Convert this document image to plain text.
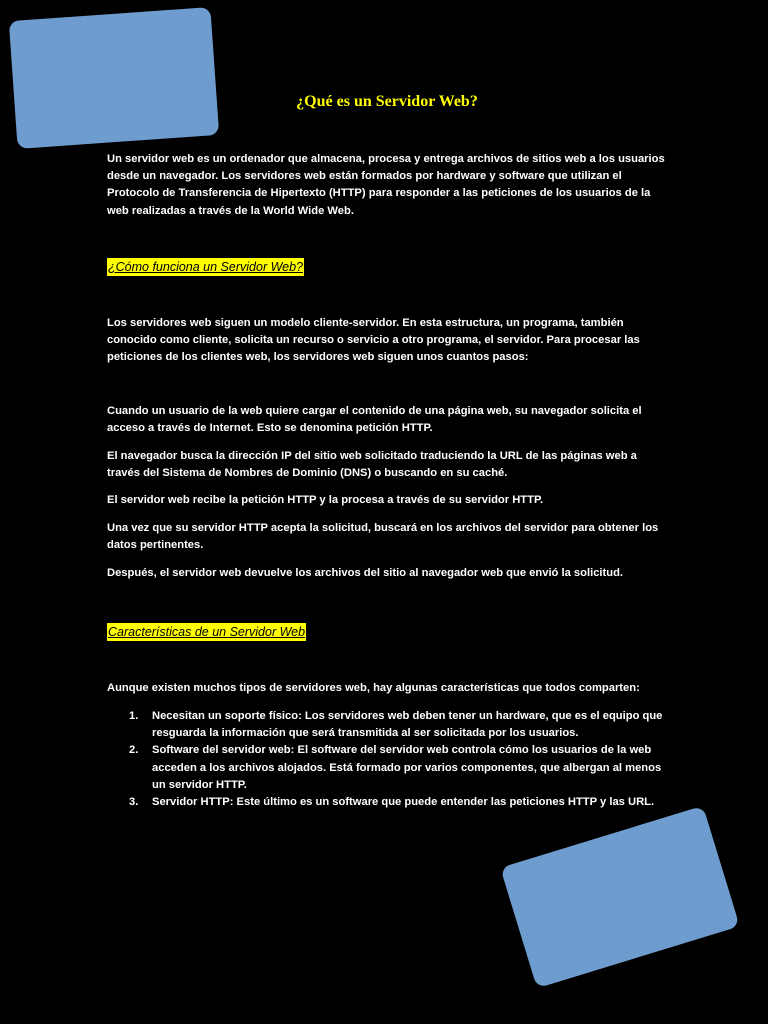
¿Qué es un Servidor Web?

Un servidor web es un ordenador que almacena, procesa y entrega archivos de sitios web a los usuarios desde un navegador. Los servidores web están formados por hardware y software que utilizan el Protocolo de Transferencia de Hipertexto (HTTP) para responder a las peticiones de los usuarios de la web realizadas a través de la World Wide Web.

¿Cómo funciona un Servidor Web?

Los servidores web siguen un modelo cliente-servidor. En esta estructura, un programa, también conocido como cliente, solicita un recurso o servicio a otro programa, el servidor. Para procesar las peticiones de los clientes web, los servidores web siguen unos cuantos pasos:

Cuando un usuario de la web quiere cargar el contenido de una página web, su navegador solicita el acceso a través de Internet. Esto se denomina petición HTTP.

El navegador busca la dirección IP del sitio web solicitado traduciendo la URL de las páginas web a través del Sistema de Nombres de Dominio (DNS) o buscando en su caché.

El servidor web recibe la petición HTTP y la procesa a través de su servidor HTTP.

Una vez que su servidor HTTP acepta la solicitud, buscará en los archivos del servidor para obtener los datos pertinentes.

Después, el servidor web devuelve los archivos del sitio al navegador web que envió la solicitud.

Características de un Servidor Web

Aunque existen muchos tipos de servidores web, hay algunas características que todos comparten:

1. Necesitan un soporte físico: Los servidores web deben tener un hardware, que es el equipo que resguarda la información que será transmitida al ser solicitada por los usuarios.
2. Software del servidor web: El software del servidor web controla cómo los usuarios de la web acceden a los archivos alojados. Está formado por varios componentes, que albergan al menos un servidor HTTP.
3. Servidor HTTP: Este último es un software que puede entender las peticiones HTTP y las URL.
